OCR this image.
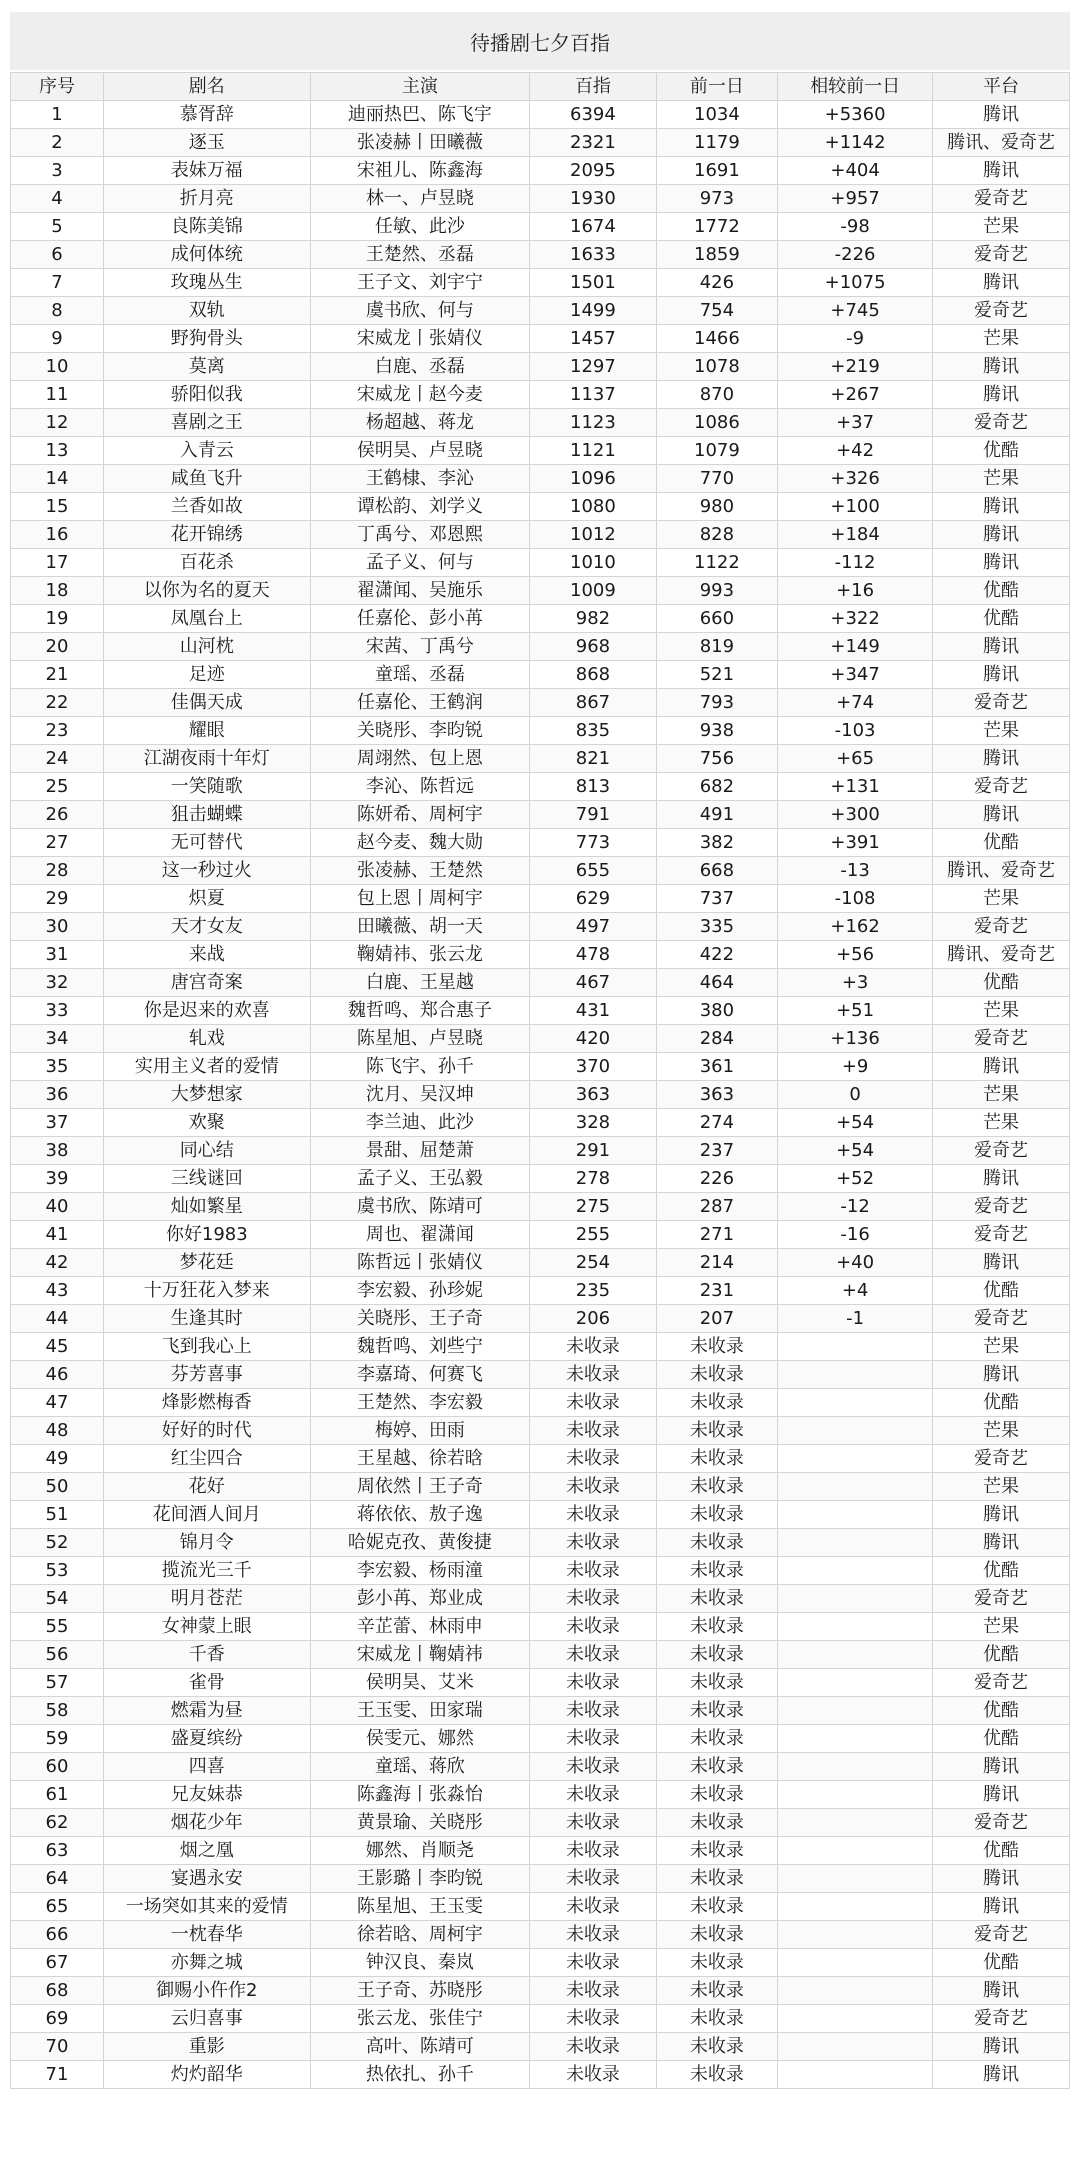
待播剧七夕百指
序号	剧名	主演	百指	前一日	相较前一日	平台
1	慕胥辞	迪丽热巴、陈飞宇	6394	1034	+5360	腾讯
2	逐玉	张凌赫丨田曦薇	2321	1179	+1142	腾讯、爱奇艺
3	表妹万福	宋祖儿、陈鑫海	2095	1691	+404	腾讯
4	折月亮	林一、卢昱晓	1930	973	+957	爱奇艺
5	良陈美锦	任敏、此沙	1674	1772	-98	芒果
6	成何体统	王楚然、丞磊	1633	1859	-226	爱奇艺
7	玫瑰丛生	王子文、刘宇宁	1501	426	+1075	腾讯
8	双轨	虞书欣、何与	1499	754	+745	爱奇艺
9	野狗骨头	宋威龙丨张婧仪	1457	1466	-9	芒果
10	莫离	白鹿、丞磊	1297	1078	+219	腾讯
11	骄阳似我	宋威龙丨赵今麦	1137	870	+267	腾讯
12	喜剧之王	杨超越、蒋龙	1123	1086	+37	爱奇艺
13	入青云	侯明昊、卢昱晓	1121	1079	+42	优酷
14	咸鱼飞升	王鹤棣、李沁	1096	770	+326	芒果
15	兰香如故	谭松韵、刘学义	1080	980	+100	腾讯
16	花开锦绣	丁禹兮、邓恩熙	1012	828	+184	腾讯
17	百花杀	孟子义、何与	1010	1122	-112	腾讯
18	以你为名的夏天	翟潇闻、吴施乐	1009	993	+16	优酷
19	凤凰台上	任嘉伦、彭小苒	982	660	+322	优酷
20	山河枕	宋茜、丁禹兮	968	819	+149	腾讯
21	足迹	童瑶、丞磊	868	521	+347	腾讯
22	佳偶天成	任嘉伦、王鹤润	867	793	+74	爱奇艺
23	耀眼	关晓彤、李昀锐	835	938	-103	芒果
24	江湖夜雨十年灯	周翊然、包上恩	821	756	+65	腾讯
25	一笑随歌	李沁、陈哲远	813	682	+131	爱奇艺
26	狙击蝴蝶	陈妍希、周柯宇	791	491	+300	腾讯
27	无可替代	赵今麦、魏大勋	773	382	+391	优酷
28	这一秒过火	张凌赫、王楚然	655	668	-13	腾讯、爱奇艺
29	炽夏	包上恩丨周柯宇	629	737	-108	芒果
30	天才女友	田曦薇、胡一天	497	335	+162	爱奇艺
31	来战	鞠婧祎、张云龙	478	422	+56	腾讯、爱奇艺
32	唐宫奇案	白鹿、王星越	467	464	+3	优酷
33	你是迟来的欢喜	魏哲鸣、郑合惠子	431	380	+51	芒果
34	轧戏	陈星旭、卢昱晓	420	284	+136	爱奇艺
35	实用主义者的爱情	陈飞宇、孙千	370	361	+9	腾讯
36	大梦想家	沈月、吴汉坤	363	363	0	芒果
37	欢聚	李兰迪、此沙	328	274	+54	芒果
38	同心结	景甜、屈楚萧	291	237	+54	爱奇艺
39	三线谜回	孟子义、王弘毅	278	226	+52	腾讯
40	灿如繁星	虞书欣、陈靖可	275	287	-12	爱奇艺
41	你好1983	周也、翟潇闻	255	271	-16	爱奇艺
42	梦花廷	陈哲远丨张婧仪	254	214	+40	腾讯
43	十万狂花入梦来	李宏毅、孙珍妮	235	231	+4	优酷
44	生逢其时	关晓彤、王子奇	206	207	-1	爱奇艺
45	飞到我心上	魏哲鸣、刘些宁	未收录	未收录		芒果
46	芬芳喜事	李嘉琦、何赛飞	未收录	未收录		腾讯
47	烽影燃梅香	王楚然、李宏毅	未收录	未收录		优酷
48	好好的时代	梅婷、田雨	未收录	未收录		芒果
49	红尘四合	王星越、徐若晗	未收录	未收录		爱奇艺
50	花好	周依然丨王子奇	未收录	未收录		芒果
51	花间酒人间月	蒋依依、敖子逸	未收录	未收录		腾讯
52	锦月令	哈妮克孜、黄俊捷	未收录	未收录		腾讯
53	揽流光三千	李宏毅、杨雨潼	未收录	未收录		优酷
54	明月苍茫	彭小苒、郑业成	未收录	未收录		爱奇艺
55	女神蒙上眼	辛芷蕾、林雨申	未收录	未收录		芒果
56	千香	宋威龙丨鞠婧祎	未收录	未收录		优酷
57	雀骨	侯明昊、艾米	未收录	未收录		爱奇艺
58	燃霜为昼	王玉雯、田家瑞	未收录	未收录		优酷
59	盛夏缤纷	侯雯元、娜然	未收录	未收录		优酷
60	四喜	童瑶、蒋欣	未收录	未收录		腾讯
61	兄友妹恭	陈鑫海丨张淼怡	未收录	未收录		腾讯
62	烟花少年	黄景瑜、关晓彤	未收录	未收录		爱奇艺
63	烟之凰	娜然、肖顺尧	未收录	未收录		优酷
64	宴遇永安	王影璐丨李昀锐	未收录	未收录		腾讯
65	一场突如其来的爱情	陈星旭、王玉雯	未收录	未收录		腾讯
66	一枕春华	徐若晗、周柯宇	未收录	未收录		爱奇艺
67	亦舞之城	钟汉良、秦岚	未收录	未收录		优酷
68	御赐小仵作2	王子奇、苏晓彤	未收录	未收录		腾讯
69	云归喜事	张云龙、张佳宁	未收录	未收录		爱奇艺
70	重影	高叶、陈靖可	未收录	未收录		腾讯
71	灼灼韶华	热依扎、孙千	未收录	未收录		腾讯
